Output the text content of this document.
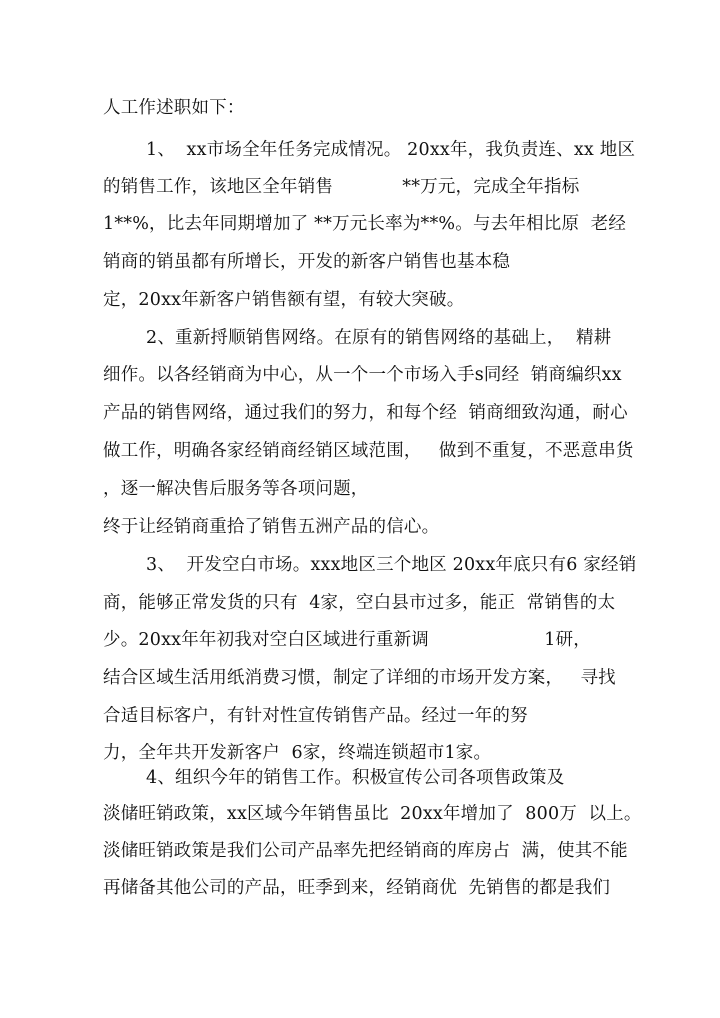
人工作述职如下：
1、  xx市场全年任务完成情况。 20xx年，我负责连、xx 地区
的销售工作，该地区全年销售            **万元，完成全年指标
1**%，比去年同期增加了 **万元长率为**%。与去年相比原  老经
销商的销虽都有所增长，开发的新客户销售也基本稳
定，20xx年新客户销售额有望，有较大突破。
2、重新捋顺销售网络。在原有的销售网络的基础上，  精耕
细作。以各经销商为中心，从一个一个市场入手s同经  销商编织xx
产品的销售网络，通过我们的努力，和每个经  销商细致沟通，耐心
做工作，明确各家经销商经销区域范围，   做到不重复，不恶意串货
，逐一解决售后服务等各项问题，
终于让经销商重拾了销售五洲产品的信心。
3、  开发空白市场。xxx地区三个地区 20xx年底只有6 家经销
商，能够正常发货的只有  4家，空白县市过多，能正  常销售的太
少。20xx年年初我对空白区域进行重新调                    1研，
结合区域生活用纸消费习惯，制定了详细的市场开发方案，   寻找
合适目标客户，有针对性宣传销售产品。经过一年的努
力，全年共开发新客户  6家，终端连锁超市1家。
4、组织今年的销售工作。积极宣传公司各项售政策及
淡储旺销政策，xx区域今年销售虽比  20xx年增加了  800万  以上。
淡储旺销政策是我们公司产品率先把经销商的库房占  满，使其不能
再储备其他公司的产品，旺季到来，经销商优  先销售的都是我们
